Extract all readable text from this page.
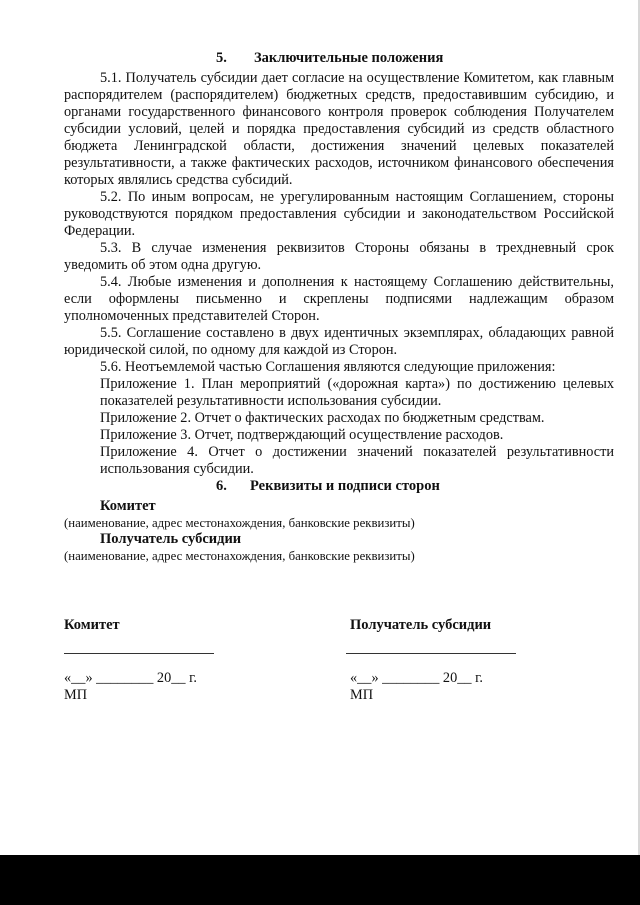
5. Заключительные положения

5.1. Получатель субсидии дает согласие на осуществление Комитетом, как главным распорядителем (распорядителем) бюджетных средств, предоставившим субсидию, и органами государственного финансового контроля проверок соблюдения Получателем субсидии условий, целей и порядка предоставления субсидий из средств областного бюджета Ленинградской области, достижения значений целевых показателей результативности, а также фактических расходов, источником финансового обеспечения которых являлись средства субсидий.

5.2. По иным вопросам, не урегулированным настоящим Соглашением, стороны руководствуются порядком предоставления субсидии и законодательством Российской Федерации.

5.3. В случае изменения реквизитов Стороны обязаны в трехдневный срок уведомить об этом одна другую.

5.4. Любые изменения и дополнения к настоящему Соглашению действительны, если оформлены письменно и скреплены подписями надлежащим образом уполномоченных представителей Сторон.

5.5. Соглашение составлено в двух идентичных экземплярах, обладающих равной юридической силой, по одному для каждой из Сторон.

5.6. Неотъемлемой частью Соглашения являются следующие приложения:

Приложение 1. План мероприятий («дорожная карта») по достижению целевых показателей результативности использования субсидии.

Приложение 2. Отчет о фактических расходах по бюджетным средствам.

Приложение 3. Отчет, подтверждающий осуществление расходов.

Приложение 4. Отчет о достижении значений показателей результативности использования субсидии.

6. Реквизиты и подписи сторон

Комитет

(наименование, адрес местонахождения, банковские реквизиты)

Получатель субсидии

(наименование, адрес местонахождения, банковские реквизиты)

Комитет
«__» ________ 20__ г.
МП
Получатель субсидии
«__» ________ 20__ г.
МП
